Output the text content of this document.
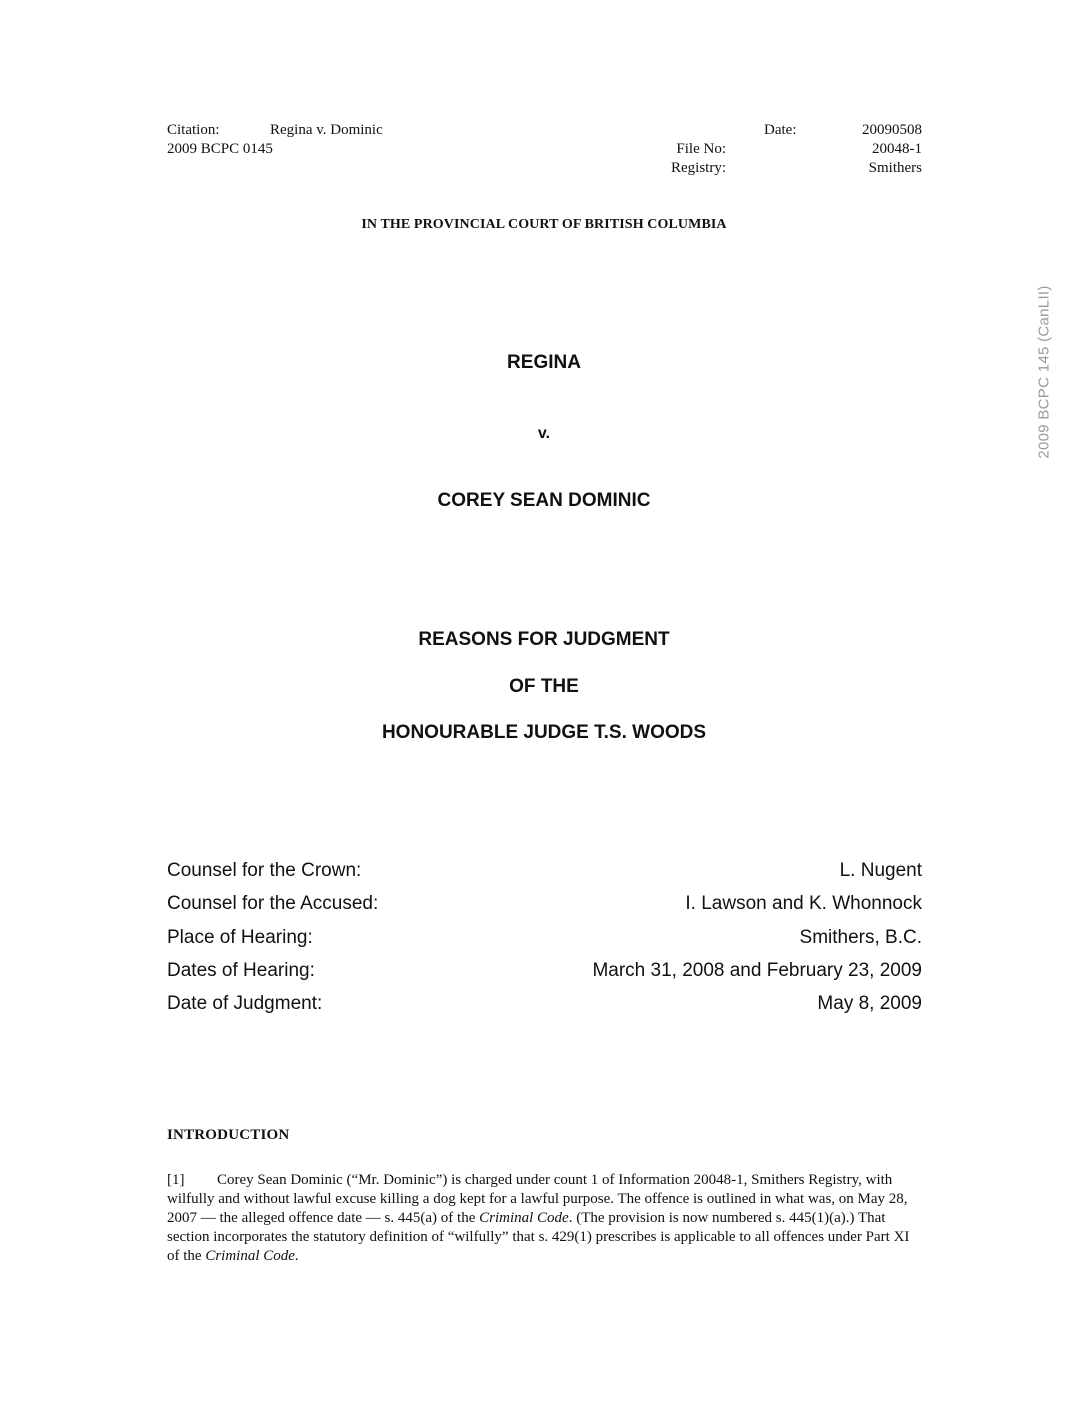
Citation:	Regina v. Dominic
2009 BCPC 0145
Date:	20090508
File No:	20048-1
Registry:	Smithers
IN THE PROVINCIAL COURT OF BRITISH COLUMBIA
REGINA
v.
COREY SEAN DOMINIC
REASONS FOR JUDGMENT
OF THE
HONOURABLE JUDGE T.S. WOODS
Counsel for the Crown:	L. Nugent
Counsel for the Accused:	I. Lawson and K. Whonnock
Place of Hearing:	Smithers, B.C.
Dates of Hearing:	March 31, 2008 and February 23, 2009
Date of Judgment:	May 8, 2009
INTRODUCTION
[1] Corey Sean Dominic (“Mr. Dominic”) is charged under count 1 of Information 20048-1, Smithers Registry, with wilfully and without lawful excuse killing a dog kept for a lawful purpose. The offence is outlined in what was, on May 28, 2007 — the alleged offence date — s. 445(a) of the Criminal Code. (The provision is now numbered s. 445(1)(a).) That section incorporates the statutory definition of “wilfully” that s. 429(1) prescribes is applicable to all offences under Part XI of the Criminal Code.
2009 BCPC 145 (CanLII)
